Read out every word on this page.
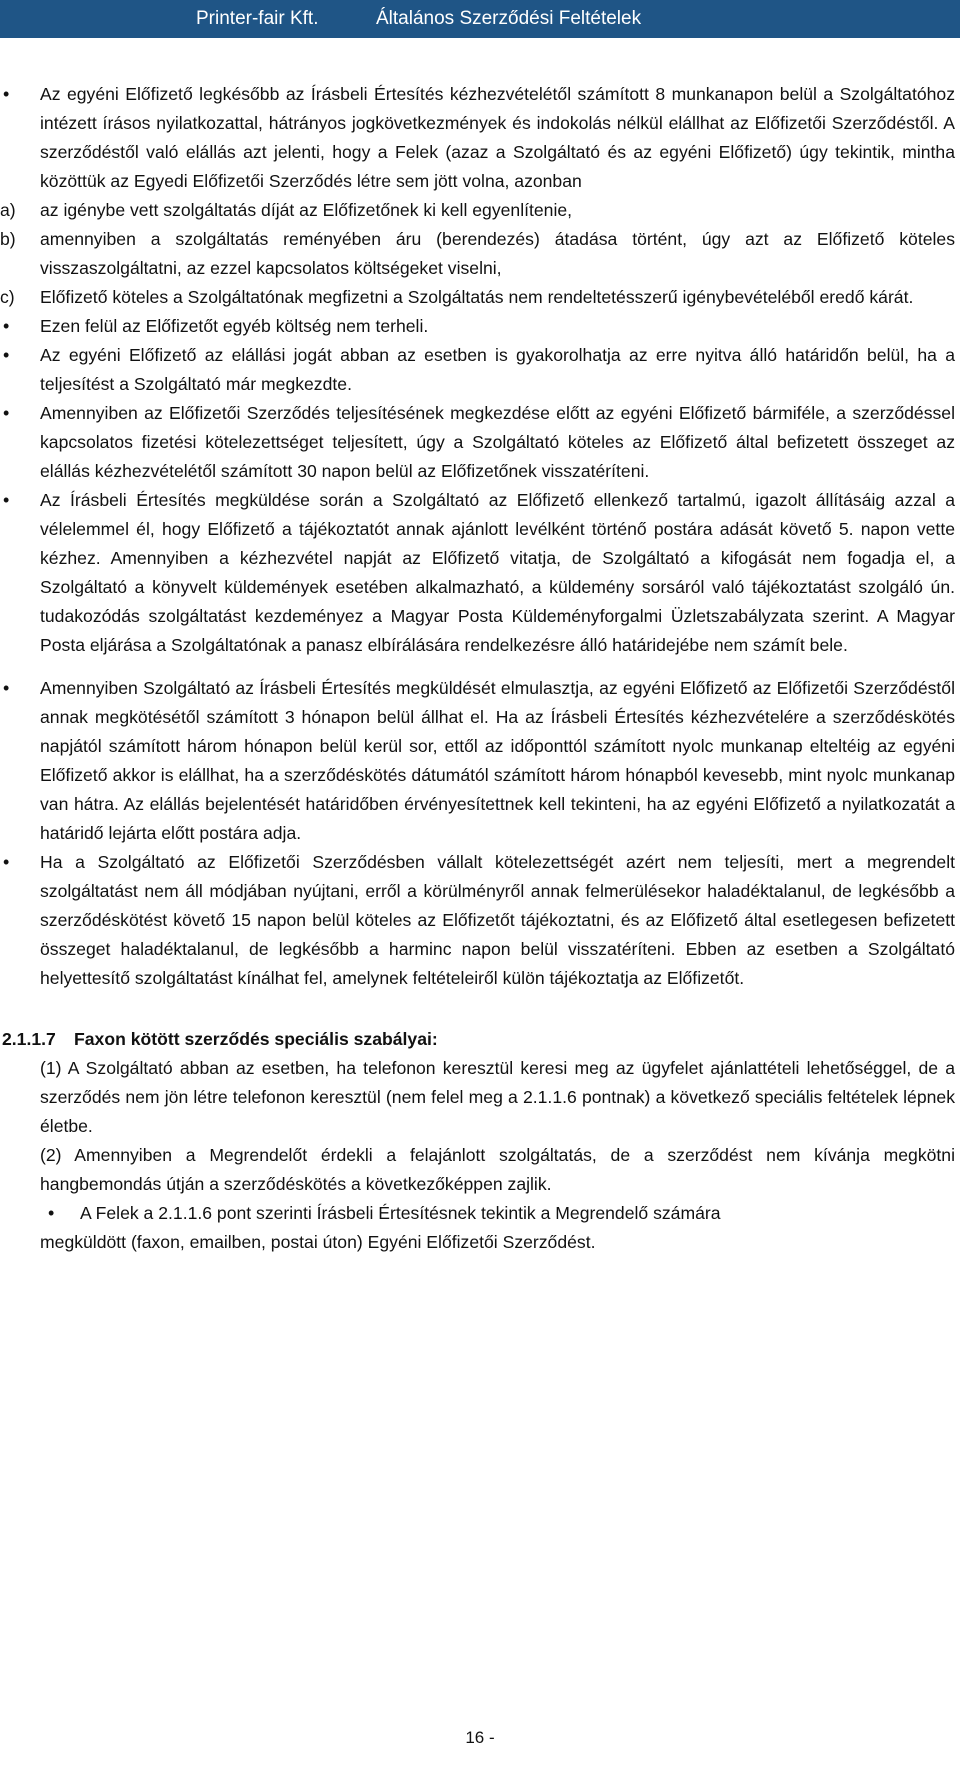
Printer-fair Kft.	Általános Szerződési Feltételek
• Az egyéni Előfizető legkésőbb az Írásbeli Értesítés kézhezvételétől számított 8 munkanapon belül a Szolgáltatóhoz intézett írásos nyilatkozattal, hátrányos jogkövetkezmények és indokolás nélkül elállhat az Előfizetői Szerződéstől. A szerződéstől való elállás azt jelenti, hogy a Felek (azaz a Szolgáltató és az egyéni Előfizető) úgy tekintik, mintha közöttük az Egyedi Előfizetői Szerződés létre sem jött volna, azonban
a) az igénybe vett szolgáltatás díját az Előfizetőnek ki kell egyenlítenie,
b) amennyiben a szolgáltatás reményében áru (berendezés) átadása történt, úgy azt az Előfizető köteles visszaszolgáltatni, az ezzel kapcsolatos költségeket viselni,
c) Előfizető köteles a Szolgáltatónak megfizetni a Szolgáltatás nem rendeltetésszerű igénybevételéből eredő kárát.
• Ezen felül az Előfizetőt egyéb költség nem terheli.
• Az egyéni Előfizető az elállási jogát abban az esetben is gyakorolhatja az erre nyitva álló határidőn belül, ha a teljesítést a Szolgáltató már megkezdte.
• Amennyiben az Előfizetői Szerződés teljesítésének megkezdése előtt az egyéni Előfizető bármiféle, a szerződéssel kapcsolatos fizetési kötelezettséget teljesített, úgy a Szolgáltató köteles az Előfizető által befizetett összeget az elállás kézhezvételétől számított 30 napon belül az Előfizetőnek visszatéríteni.
• Az Írásbeli Értesítés megküldése során a Szolgáltató az Előfizető ellenkező tartalmú, igazolt állításáig azzal a vélelemmel él, hogy Előfizető a tájékoztatót annak ajánlott levélként történő postára adását követő 5. napon vette kézhez. Amennyiben a kézhezvétel napját az Előfizető vitatja, de Szolgáltató a kifogását nem fogadja el, a Szolgáltató a könyvelt küldemények esetében alkalmazható, a küldemény sorsáról való tájékoztatást szolgáló ún. tudakozódás szolgáltatást kezdeményez a Magyar Posta Küldeményforgalmi Üzletszabályzata szerint. A Magyar Posta eljárása a Szolgáltatónak a panasz elbírálására rendelkezésre álló határidejébe nem számít bele.
• Amennyiben Szolgáltató az Írásbeli Értesítés megküldését elmulasztja, az egyéni Előfizető az Előfizetői Szerződéstől annak megkötésétől számított 3 hónapon belül állhat el. Ha az Írásbeli Értesítés kézhezvételére a szerződéskötés napjától számított három hónapon belül kerül sor, ettől az időponttól számított nyolc munkanap elteltéig az egyéni Előfizető akkor is elállhat, ha a szerződéskötés dátumától számított három hónapból kevesebb, mint nyolc munkanap van hátra. Az elállás bejelentését határidőben érvényesítettnek kell tekinteni, ha az egyéni Előfizető a nyilatkozatát a határidő lejárta előtt postára adja.
• Ha a Szolgáltató az Előfizetői Szerződésben vállalt kötelezettségét azért nem teljesíti, mert a megrendelt szolgáltatást nem áll módjában nyújtani, erről a körülményről annak felmerülésekor haladéktalanul, de legkésőbb a szerződéskötést követő 15 napon belül köteles az Előfizetőt tájékoztatni, és az Előfizető által esetlegesen befizetett összeget haladéktalanul, de legkésőbb a harminc napon belül visszatéríteni. Ebben az esetben a Szolgáltató helyettesítő szolgáltatást kínálhat fel, amelynek feltételeiről külön tájékoztatja az Előfizetőt.
2.1.1.7 Faxon kötött szerződés speciális szabályai:
(1) A Szolgáltató abban az esetben, ha telefonon keresztül keresi meg az ügyfelet ajánlattételi lehetőséggel, de a szerződés nem jön létre telefonon keresztül (nem felel meg a 2.1.1.6 pontnak) a következő speciális feltételek lépnek életbe.
(2) Amennyiben a Megrendelőt érdekli a felajánlott szolgáltatás, de a szerződést nem kívánja megkötni hangbemondás útján a szerződéskötés a következőképpen zajlik.
• A Felek a 2.1.1.6 pont szerinti Írásbeli Értesítésnek tekintik a Megrendelő számára
megküldött (faxon, emailben, postai úton) Egyéni Előfizetői Szerződést.
16 -
